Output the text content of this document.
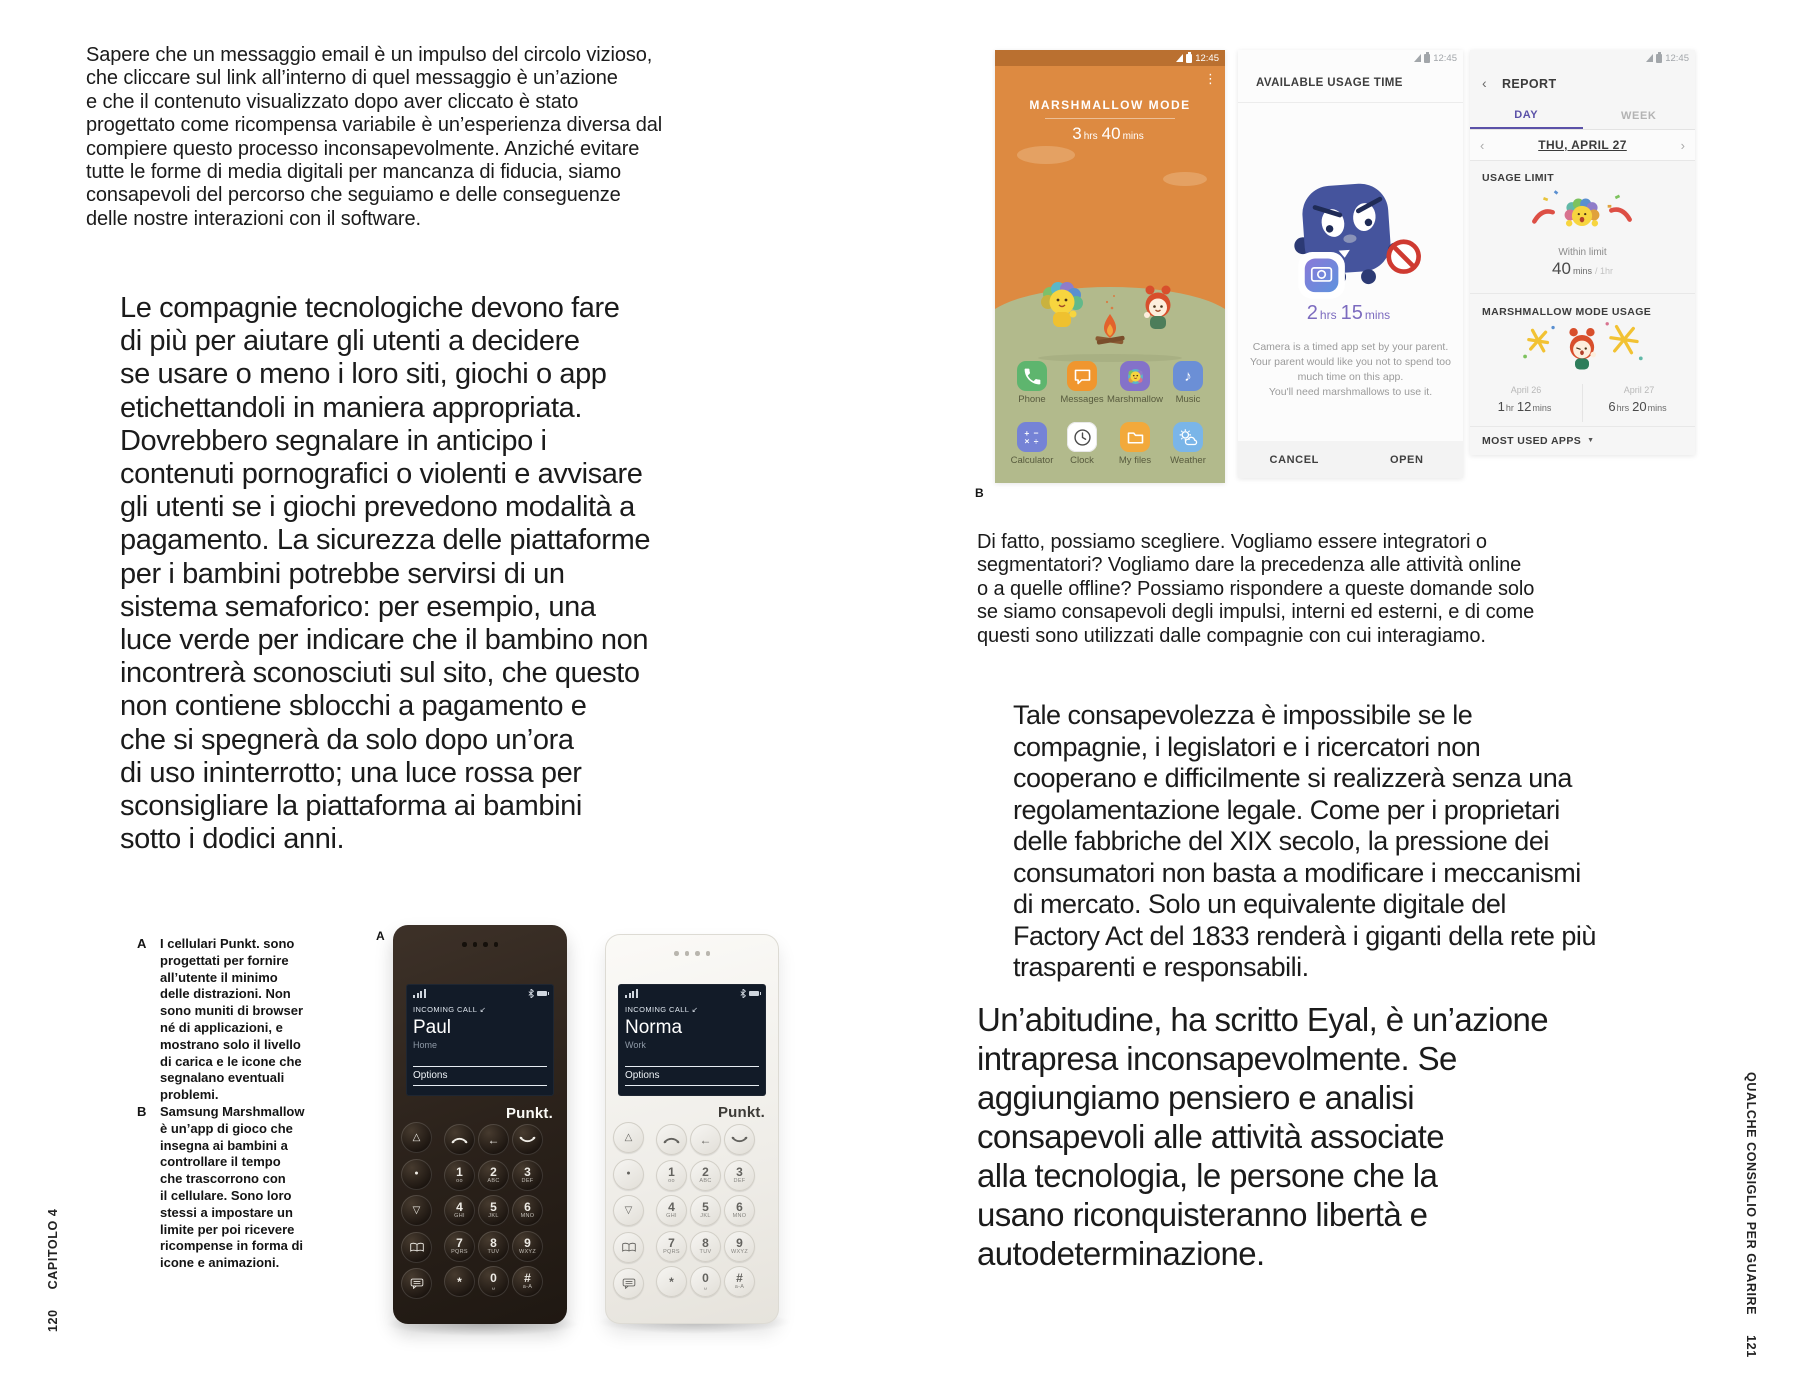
Sapere che un messaggio email è un impulso del circolo vizioso,
che cliccare sul link all’interno di quel messaggio è un’azione
e che il contenuto visualizzato dopo aver cliccato è stato
progettato come ricompensa variabile è un’esperienza diversa dal
compiere questo processo inconsapevolmente. Anziché evitare
tutte le forme di media digitali per mancanza di fiducia, siamo
consapevoli del percorso che seguiamo e delle conseguenze
delle nostre interazioni con il software.
Le compagnie tecnologiche devono fare
di più per aiutare gli utenti a decidere
se usare o meno i loro siti, giochi o app
etichettandoli in maniera appropriata.
Dovrebbero segnalare in anticipo i
contenuti pornografici o violenti e avvisare
gli utenti se i giochi prevedono modalità a
pagamento. La sicurezza delle piattaforme
per i bambini potrebbe servirsi di un
sistema semaforico: per esempio, una
luce verde per indicare che il bambino non
incontrerà sconosciuti sul sito, che questo
non contiene sblocchi a pagamento e
che si spegnerà da solo dopo un’ora
di uso ininterrotto; una luce rossa per
sconsigliare la piattaforma ai bambini
sotto i dodici anni.
A	I cellulari Punkt. sono
progettati per fornire
all’utente il minimo
delle distrazioni. Non
sono muniti di browser
né di applicazioni, e
mostrano solo il livello
di carica e le icone che
segnalano eventuali
problemi.
B	Samsung Marshmallow
è un’app di gioco che
insegna ai bambini a
controllare il tempo
che trascorrono con
il cellulare. Sono loro
stessi a impostare un
limite per poi ricevere
ricompense in forma di
icone e animazioni.
A
120CAPITOLO 4
INCOMING CALL ↙
Paul
Home
Options
Punkt.
△
●
▽
←
1
oo
2
ABC
3
DEF
4
GHI
5
JKL
6
MNO
7
PQRS
8
TUV
9
WXYZ
* 0
␣
#
a-A
INCOMING CALL ↙
Norma
Work
Options
Punkt.
△
●
▽
←
1
oo
2
ABC
3
DEF
4
GHI
5
JKL
6
MNO
7
PQRS
8
TUV
9
WXYZ
* 0
␣
#
a-A
12:45
⋮
MARSHMALLOW MODE
3 hrs 40 mins
Phone	Messages Marshmallow
♪
Music
+ −
× ÷
Calculator	Clock	My files	Weather
B
12:45
AVAILABLE USAGE TIME
2 hrs 15 mins
Camera is a timed app set by your parent.
Your parent would like you not to spend too
much time on this app.
You'll need marshmallows to use it.
CANCEL	OPEN
12:45
‹ REPORT
DAY	WEEK
‹	THU, APRIL 27	›
USAGE LIMIT
Within limit
40 mins / 1hr
MARSHMALLOW MODE USAGE
April 26
1hr 12mins
April 27
6hrs 20mins
MOST USED APPS ▼
Di fatto, possiamo scegliere. Vogliamo essere integratori o
segmentatori? Vogliamo dare la precedenza alle attività online
o a quelle offline? Possiamo rispondere a queste domande solo
se siamo consapevoli degli impulsi, interni ed esterni, e di come
questi sono utilizzati dalle compagnie con cui interagiamo.
Tale consapevolezza è impossibile se le
compagnie, i legislatori e i ricercatori non
cooperano e difficilmente si realizzerà senza una
regolamentazione legale. Come per i proprietari
delle fabbriche del XIX secolo, la pressione dei
consumatori non basta a modificare i meccanismi
di mercato. Solo un equivalente digitale del
Factory Act del 1833 renderà i giganti della rete più
trasparenti e responsabili.
Un’abitudine, ha scritto Eyal, è un’azione
intrapresa inconsapevolmente. Se
aggiungiamo pensiero e analisi
consapevoli alle attività associate
alla tecnologia, le persone che la
usano riconquisteranno libertà e
autodeterminazione.	QUALCHE CONSIGLIO PER GUARIRE121
